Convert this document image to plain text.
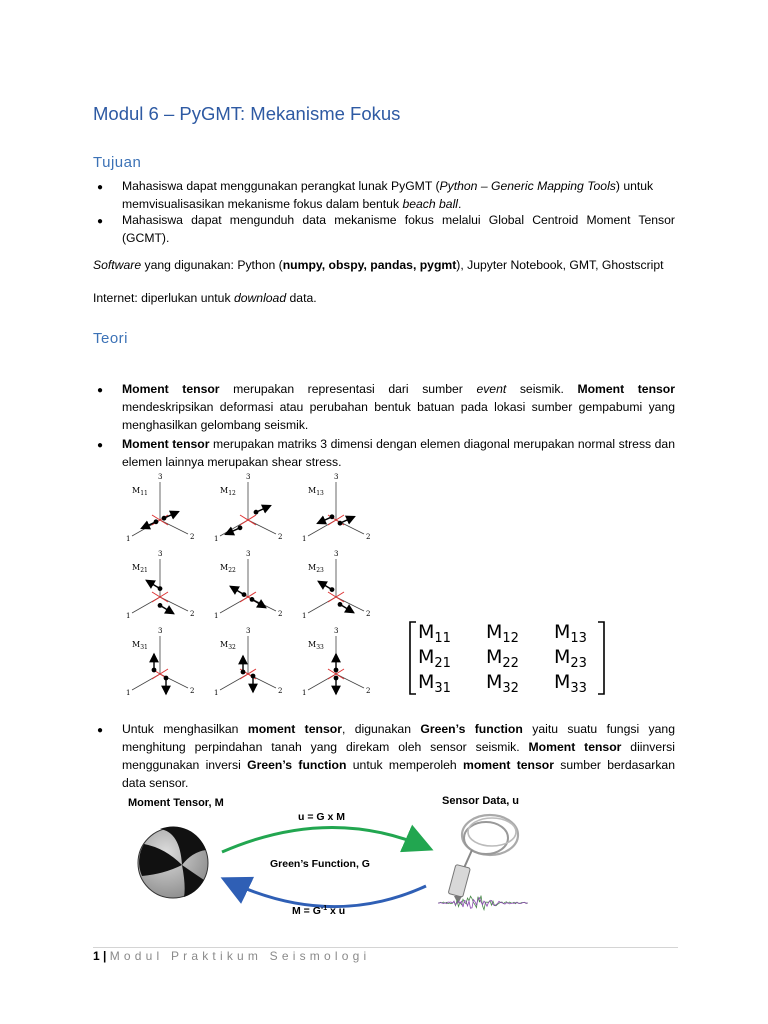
Modul 6 – PyGMT: Mekanisme Fokus
Tujuan
● Mahasiswa dapat menggunakan perangkat lunak PyGMT (Python – Generic Mapping Tools) untuk memvisualisasikan mekanisme fokus dalam bentuk beach ball.
● Mahasiswa dapat mengunduh data mekanisme fokus melalui Global Centroid Moment Tensor (GCMT).
Software yang digunakan: Python (numpy, obspy, pandas, pygmt), Jupyter Notebook, GMT, Ghostscript
Internet: diperlukan untuk download data.
Teori
● Moment tensor merupakan representasi dari sumber event seismik. Moment tensor mendeskripsikan deformasi atau perubahan bentuk batuan pada lokasi sumber gempabumi yang menghasilkan gelombang seismik.
● Moment tensor merupakan matriks 3 dimensi dengan elemen diagonal merupakan normal stress dan elemen lainnya merupakan shear stress.
3
1	2
$M_{11}$
3
1	2
$M_{12}$
3
1	2
$M_{13}$
3
1	2
$M_{21}$
3
1	2
$M_{22}$
3
1	2
$M_{23}$
3
1	2
$M_{31}$
3
1	2
$M_{32}$
3
1	2
$M_{33}$
$M_{11}$ $M_{12}$ $M_{13}$
$M_{21}$ $M_{22}$ $M_{23}$
$M_{31}$ $M_{32}$ $M_{33}$
● Untuk menghasilkan moment tensor, digunakan Green’s function yaitu suatu fungsi yang menghitung perpindahan tanah yang direkam oleh sensor seismik. Moment tensor diinversi menggunakan inversi Green’s function untuk memperoleh moment tensor sumber berdasarkan data sensor.
Moment Tensor, M	Sensor Data, u
u = G x M
Green’s Function, G
$M = G^{-1}$ x u
1 | Modul Praktikum Seismologi
